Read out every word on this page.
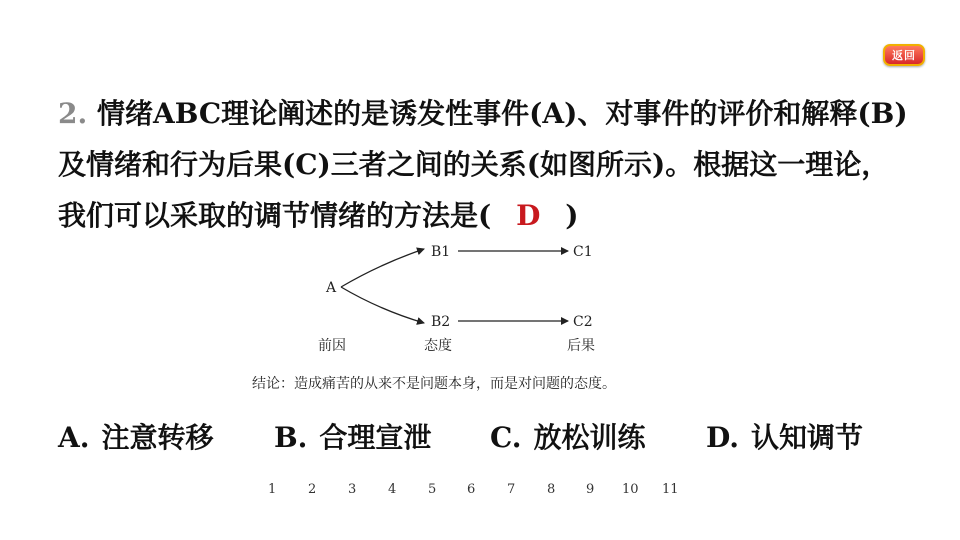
返回

2. 情绪ABC理论阐述的是诱发性事件(A)、对事件的评价和解释(B)及情绪和行为后果(C)三者之间的关系(如图所示)。根据这一理论，我们可以采取的调节情绪的方法是( D )

A
B1	C1
B2	C2
前因	态度	后果

结论：造成痛苦的从来不是问题本身，而是对问题的态度。

A. 注意转移 B. 合理宣泄 C. 放松训练 D. 认知调节
1 2 3 4 5 6 7 8 9 10 11
